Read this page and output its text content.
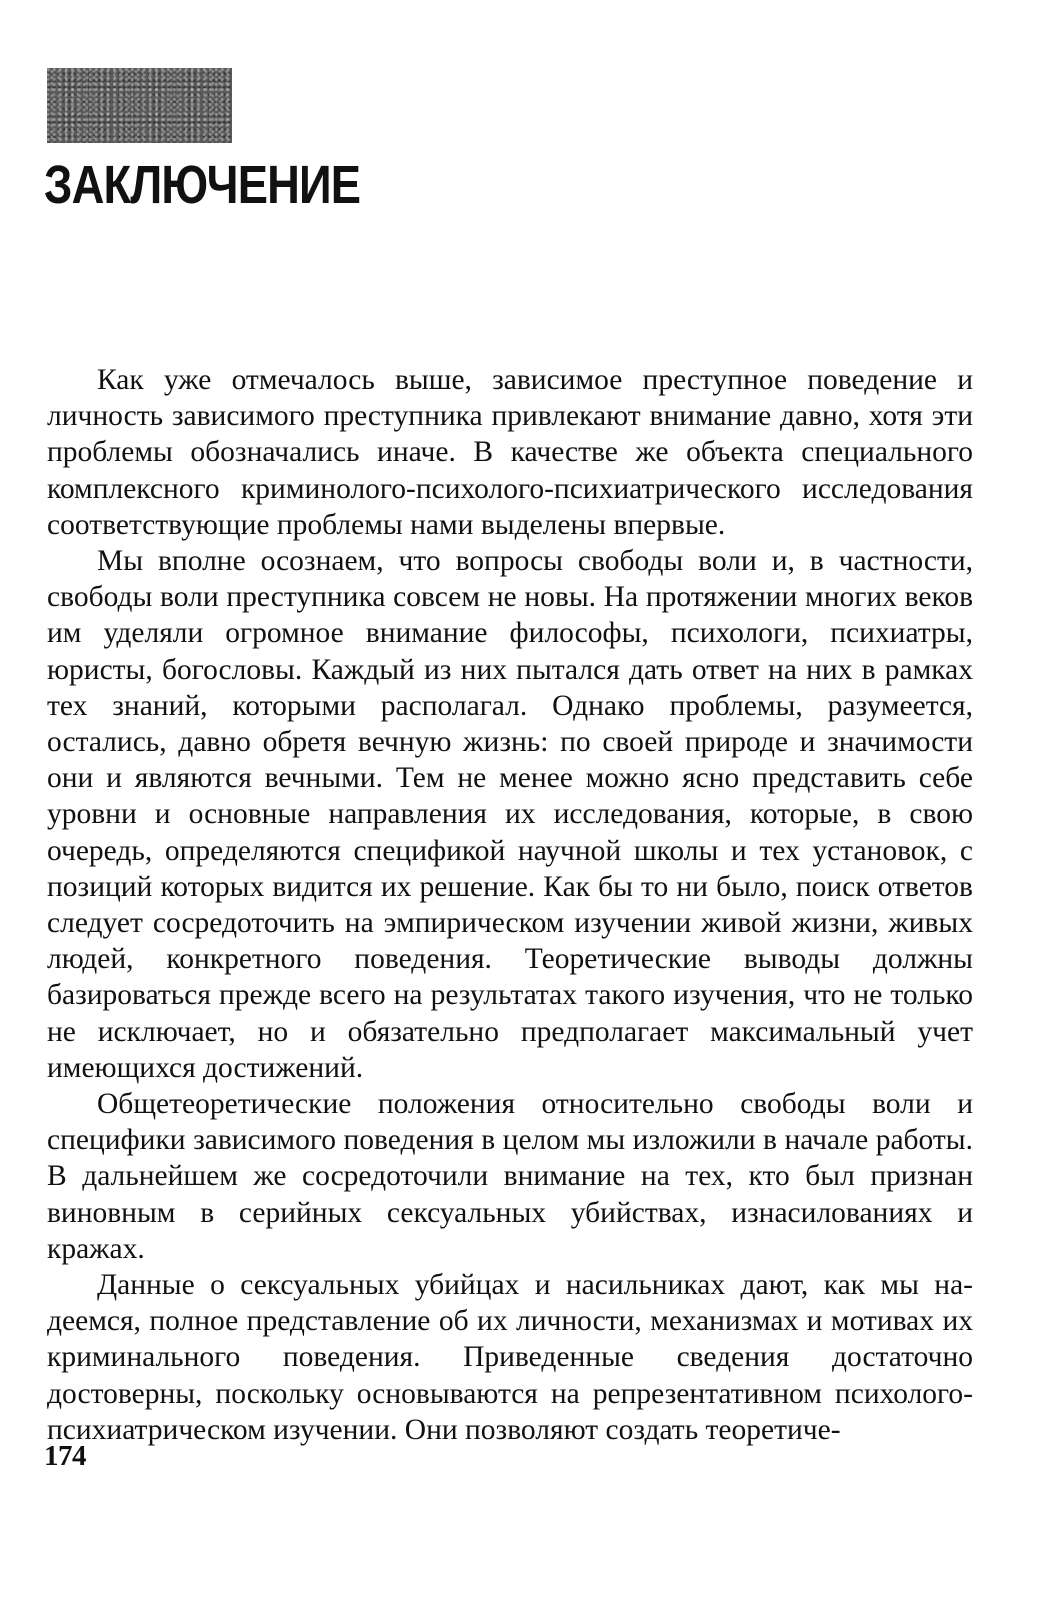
ЗАКЛЮЧЕНИЕ

Как уже отмечалось выше, зависимое преступное поведение и личность зависимого преступника привлекают внимание давно, хотя эти проблемы обозначались иначе. В качестве же объекта специального комплексного криминолого-психолого-психиатрического исследования соответствующие проблемы нами выделены впервые.

Мы вполне осознаем, что вопросы свободы воли и, в частности, свободы воли преступника совсем не новы. На протяжении многих веков им уделяли огромное внимание философы, психологи, психиатры, юристы, богословы. Каждый из них пытался дать ответ на них в рамках тех знаний, которыми располагал. Однако проблемы, разумеется, остались, давно обретя вечную жизнь: по своей природе и значимости они и являются вечными. Тем не менее можно ясно представить себе уровни и основные направления их исследования, которые, в свою очередь, определяются спецификой научной школы и тех установок, с позиций которых видится их решение. Как бы то ни было, поиск ответов следует сосредоточить на эмпирическом изучении живой жизни, живых людей, конкретного поведения. Теоретические выводы должны базироваться прежде всего на результатах такого изучения, что не только не исключает, но и обязательно предполагает максимальный учет имеющихся достижений.

Общетеоретические положения относительно свободы воли и специфики зависимого поведения в целом мы изложили в начале работы. В дальнейшем же сосредоточили внимание на тех, кто был признан виновным в серийных сексуальных убийствах, изнасилованиях и кражах.

Данные о сексуальных убийцах и насильниках дают, как мы надеемся, полное представление об их личности, механизмах и мотивах их криминального поведения. Приведенные сведения достаточно достоверны, поскольку основываются на репрезентативном психолого-психиатрическом изучении. Они позволяют создать теоретиче-

174
